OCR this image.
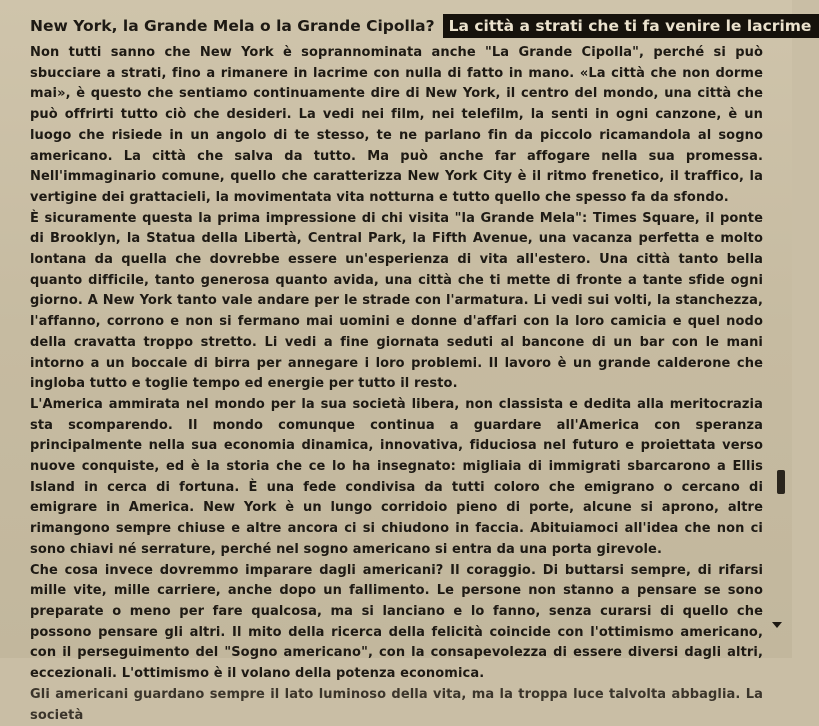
New York, la Grande Mela o la Grande Cipolla? La città a strati che ti fa venire le lacrime

Non tutti sanno che New York è soprannominata anche "La Grande Cipolla", perché si può sbucciare a strati, fino a rimanere in lacrime con nulla di fatto in mano. «La città che non dorme mai», è questo che sentiamo continuamente dire di New York, il centro del mondo, una città che può offrirti tutto ciò che desideri. La vedi nei film, nei telefilm, la senti in ogni canzone, è un luogo che risiede in un angolo di te stesso, te ne parlano fin da piccolo ricamandola al sogno americano. La città che salva da tutto. Ma può anche far affogare nella sua promessa. Nell'immaginario comune, quello che caratterizza New York City è il ritmo frenetico, il traffico, la vertigine dei grattacieli, la movimentata vita notturna e tutto quello che spesso fa da sfondo.

È sicuramente questa la prima impressione di chi visita "la Grande Mela": Times Square, il ponte di Brooklyn, la Statua della Libertà, Central Park, la Fifth Avenue, una vacanza perfetta e molto lontana da quella che dovrebbe essere un'esperienza di vita all'estero. Una città tanto bella quanto difficile, tanto generosa quanto avida, una città che ti mette di fronte a tante sfide ogni giorno. A New York tanto vale andare per le strade con l'armatura. Li vedi sui volti, la stanchezza, l'affanno, corrono e non si fermano mai uomini e donne d'affari con la loro camicia e quel nodo della cravatta troppo stretto. Li vedi a fine giornata seduti al bancone di un bar con le mani intorno a un boccale di birra per annegare i loro problemi. Il lavoro è un grande calderone che ingloba tutto e toglie tempo ed energie per tutto il resto.

L'America ammirata nel mondo per la sua società libera, non classista e dedita alla meritocrazia sta scomparendo. Il mondo comunque continua a guardare all'America con speranza principalmente nella sua economia dinamica, innovativa, fiduciosa nel futuro e proiettata verso nuove conquiste, ed è la storia che ce lo ha insegnato: migliaia di immigrati sbarcarono a Ellis Island in cerca di fortuna. È una fede condivisa da tutti coloro che emigrano o cercano di emigrare in America. New York è un lungo corridoio pieno di porte, alcune si aprono, altre rimangono sempre chiuse e altre ancora ci si chiudono in faccia. Abituiamoci all'idea che non ci sono chiavi né serrature, perché nel sogno americano si entra da una porta girevole.

Che cosa invece dovremmo imparare dagli americani? Il coraggio. Di buttarsi sempre, di rifarsi mille vite, mille carriere, anche dopo un fallimento. Le persone non stanno a pensare se sono preparate o meno per fare qualcosa, ma si lanciano e lo fanno, senza curarsi di quello che possono pensare gli altri. Il mito della ricerca della felicità coincide con l'ottimismo americano, con il perseguimento del "Sogno americano", con la consapevolezza di essere diversi dagli altri, eccezionali. L'ottimismo è il volano della potenza economica.

Gli americani guardano sempre il lato luminoso della vita, ma la troppa luce talvolta abbaglia. La società
